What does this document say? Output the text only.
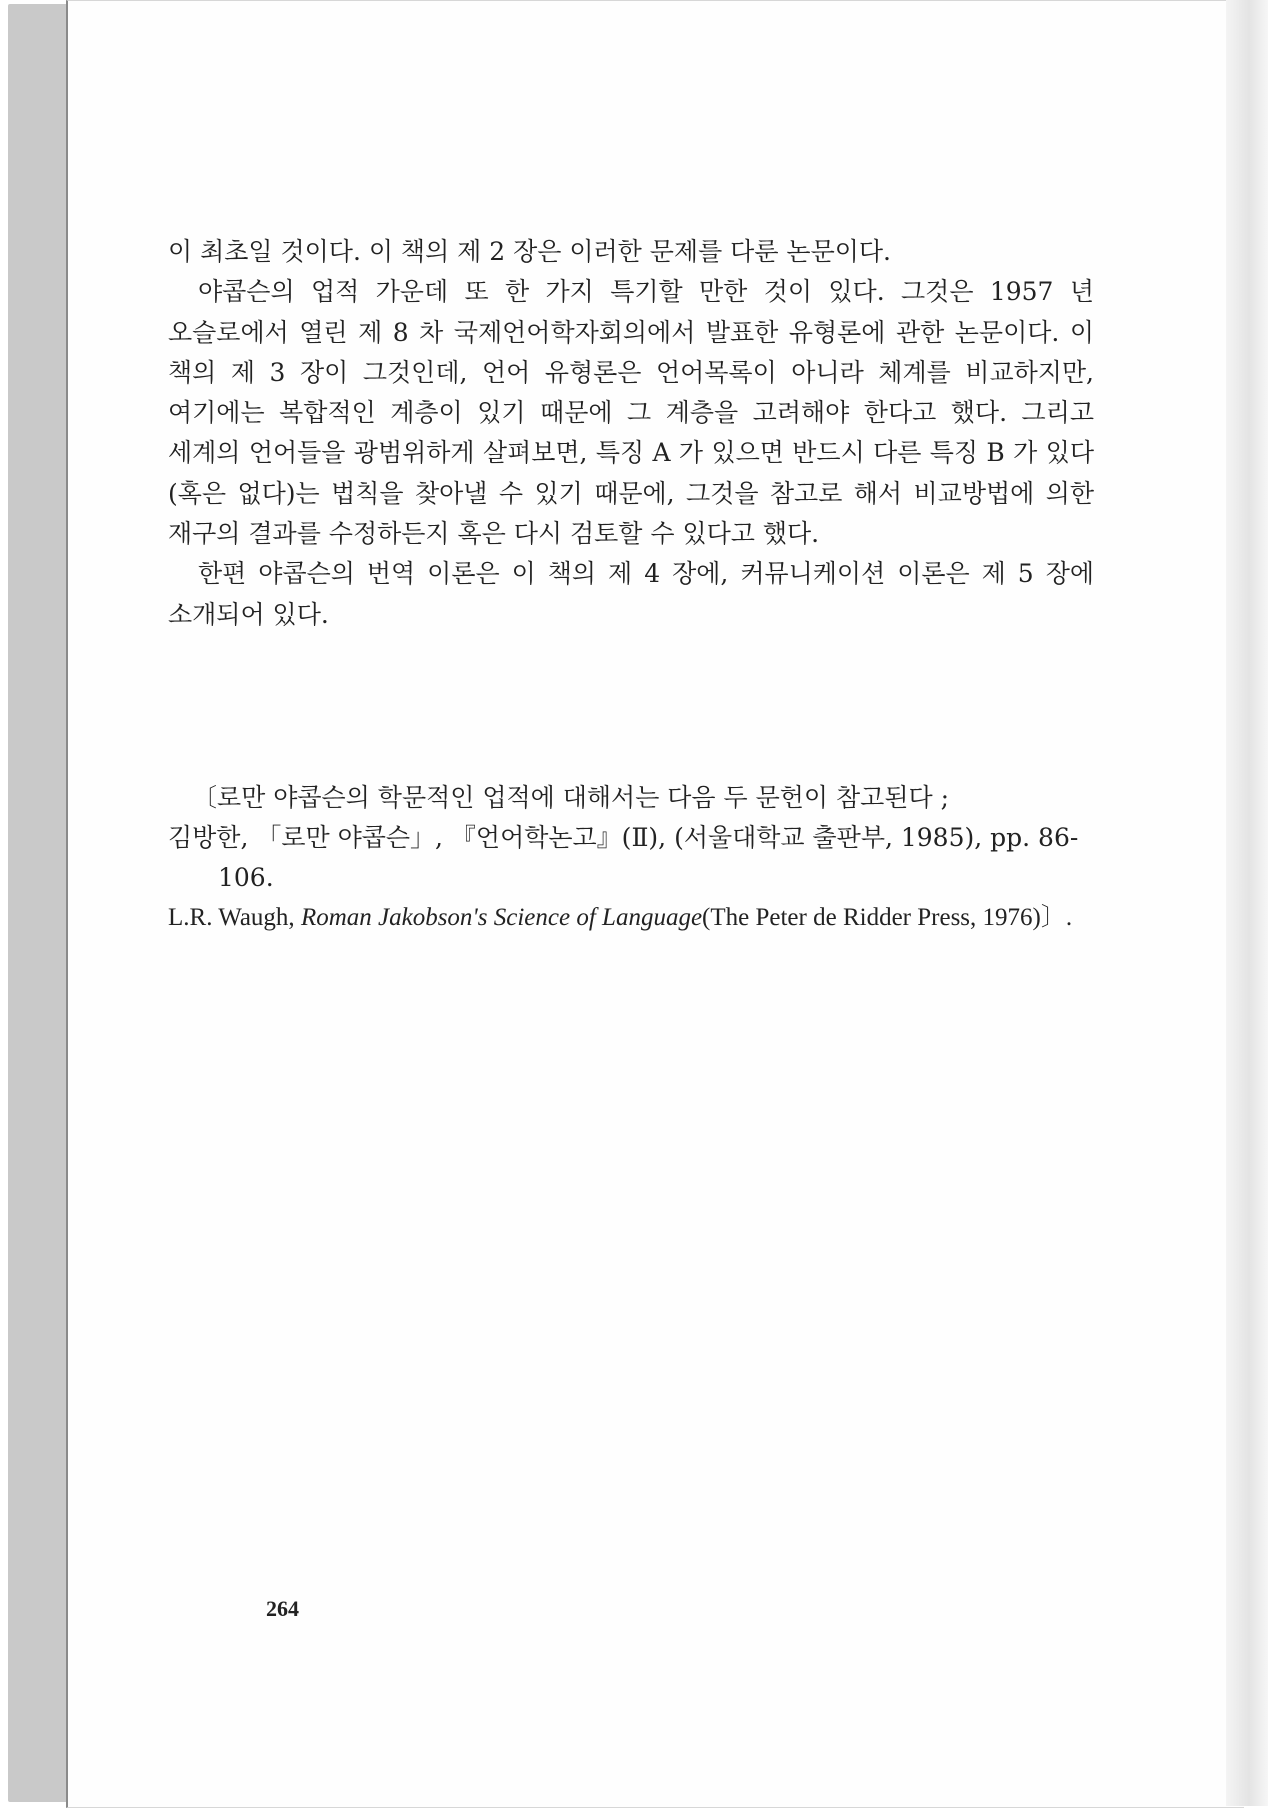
이 최초일 것이다. 이 책의 제 2 장은 이러한 문제를 다룬 논문이다.

야콥슨의 업적 가운데 또 한 가지 특기할 만한 것이 있다. 그것은 1957 년 오슬로에서 열린 제 8 차 국제언어학자회의에서 발표한 유형론에 관한 논문이다. 이 책의 제 3 장이 그것인데, 언어 유형론은 언어목록이 아니라 체계를 비교하지만, 여기에는 복합적인 계층이 있기 때문에 그 계층을 고려해야 한다고 했다. 그리고 세계의 언어들을 광범위하게 살펴보면, 특징 A 가 있으면 반드시 다른 특징 B 가 있다(혹은 없다)는 법칙을 찾아낼 수 있기 때문에, 그것을 참고로 해서 비교방법에 의한 재구의 결과를 수정하든지 혹은 다시 검토할 수 있다고 했다.

한편 야콥슨의 번역 이론은 이 책의 제 4 장에, 커뮤니케이션 이론은 제 5 장에 소개되어 있다.

〔로만 야콥슨의 학문적인 업적에 대해서는 다음 두 문헌이 참고된다 ;

김방한, 「로만 야콥슨」, 『언어학논고』(Ⅱ), (서울대학교 출판부, 1985), pp. 86-106.

L.R. Waugh, Roman Jakobson's Science of Language(The Peter de Ridder Press, 1976)〕.

264
